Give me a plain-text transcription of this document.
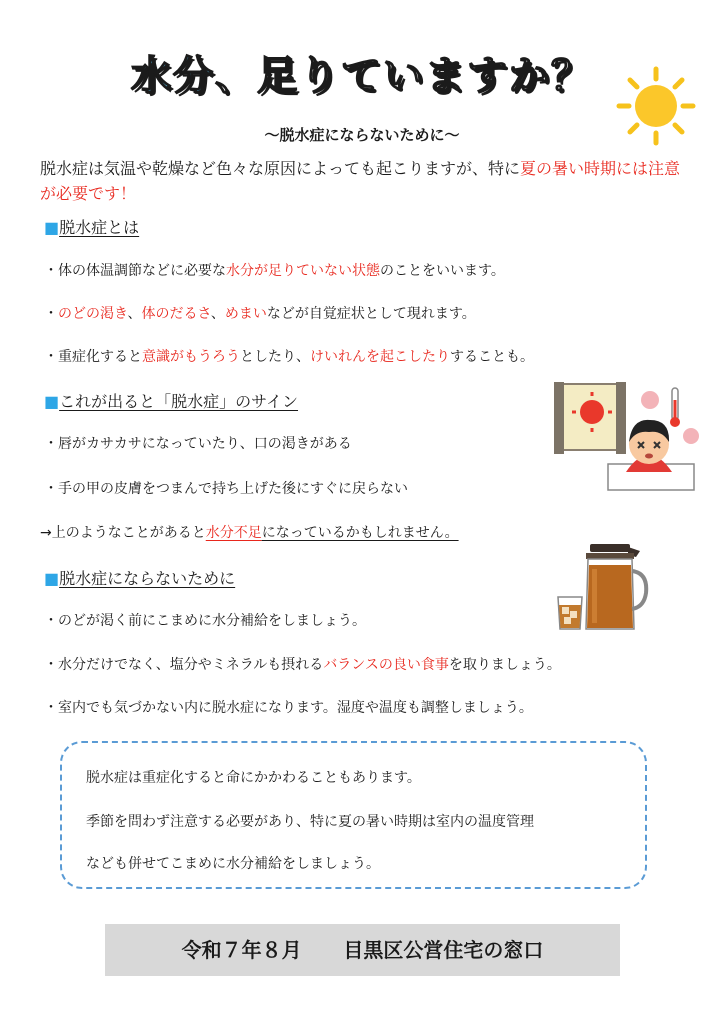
水分、足りていますか？
～脱水症にならないために～
脱水症は気温や乾燥など色々な原因によっても起こりますが、特に夏の暑い時期には注意が必要です！
■脱水症とは
・体の体温調節などに必要な水分が足りていない状態のことをいいます。
・のどの渇き、体のだるさ、めまいなどが自覚症状として現れます。
・重症化すると意識がもうろうとしたり、けいれんを起こしたりすることも。
■これが出ると「脱水症」のサイン
・唇がカサカサになっていたり、口の渇きがある
・手の甲の皮膚をつまんで持ち上げた後にすぐに戻らない
→上のようなことがあると水分不足になっているかもしれません。
■脱水症にならないために
・のどが渇く前にこまめに水分補給をしましょう。
・水分だけでなく、塩分やミネラルも摂れるバランスの良い食事を取りましょう。
・室内でも気づかない内に脱水症になります。湿度や温度も調整しましょう。
脱水症は重症化すると命にかかわることもあります。
季節を問わず注意する必要があり、特に夏の暑い時期は室内の温度管理
なども併せてこまめに水分補給をしましょう。
令和７年８月 目黒区公営住宅の窓口
